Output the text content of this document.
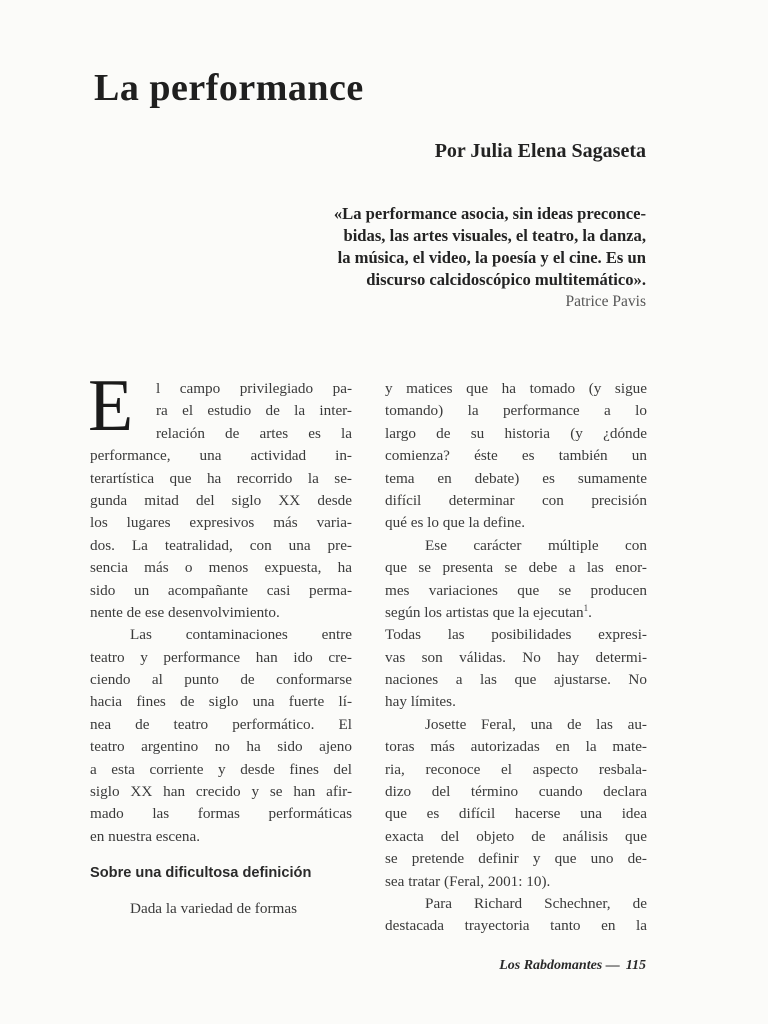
La performance

Por Julia Elena Sagaseta

«La performance asocia, sin ideas preconce-
bidas, las artes visuales, el teatro, la danza,
la música, el video, la poesía y el cine. Es un
discurso calcidoscópico multitemático».
Patrice Pavis
E	l campo privilegiado pa-
ra el estudio de la inter-
relación de artes es la
performance, una actividad in-
terartística que ha recorrido la se-
gunda mitad del siglo XX desde
los lugares expresivos más varia-
dos. La teatralidad, con una pre-
sencia más o menos expuesta, ha
sido un acompañante casi perma-
nente de ese desenvolvimiento.
Las contaminaciones entre
teatro y performance han ido cre-
ciendo al punto de conformarse
hacia fines de siglo una fuerte lí-
nea de teatro performático. El
teatro argentino no ha sido ajeno
a esta corriente y desde fines del
siglo XX han crecido y se han afir-
mado las formas performáticas
en nuestra escena.
Sobre una dificultosa definición
Dada la variedad de formas
y matices que ha tomado (y sigue
tomando) la performance a lo
largo de su historia (y ¿dónde
comienza? éste es también un
tema en debate) es sumamente
difícil determinar con precisión
qué es lo que la define.
Ese carácter múltiple con
que se presenta se debe a las enor-
mes variaciones que se producen
según los artistas que la ejecutan$^1$.
Todas las posibilidades expresi-
vas son válidas. No hay determi-
naciones a las que ajustarse. No
hay límites.
Josette Feral, una de las au-
toras más autorizadas en la mate-
ria, reconoce el aspecto resbala-
dizo del término cuando declara
que es difícil hacerse una idea
exacta del objeto de análisis que
se pretende definir y que uno de-
sea tratar (Feral, 2001: 10).
Para Richard Schechner, de
destacada trayectoria tanto en la
Los Rabdomantes — 115
